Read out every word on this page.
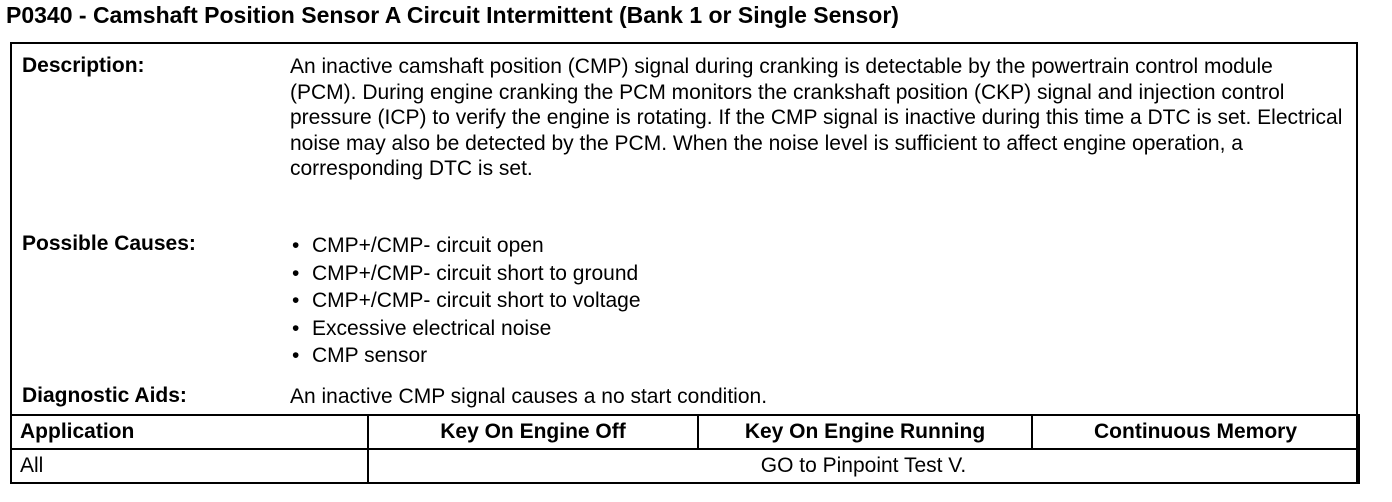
P0340 - Camshaft Position Sensor A Circuit Intermittent (Bank 1 or Single Sensor)
Description:	An inactive camshaft position (CMP) signal during cranking is detectable by the powertrain control module (PCM). During engine cranking the PCM monitors the crankshaft position (CKP) signal and injection control pressure (ICP) to verify the engine is rotating. If the CMP signal is inactive during this time a DTC is set. Electrical noise may also be detected by the PCM. When the noise level is sufficient to affect engine operation, a corresponding DTC is set.
Possible Causes:	• CMP+/CMP- circuit open
• CMP+/CMP- circuit short to ground
• CMP+/CMP- circuit short to voltage
• Excessive electrical noise
• CMP sensor
Diagnostic Aids:	An inactive CMP signal causes a no start condition.
Application	Key On Engine Off	Key On Engine Running	Continuous Memory
All	GO to Pinpoint Test V.		
